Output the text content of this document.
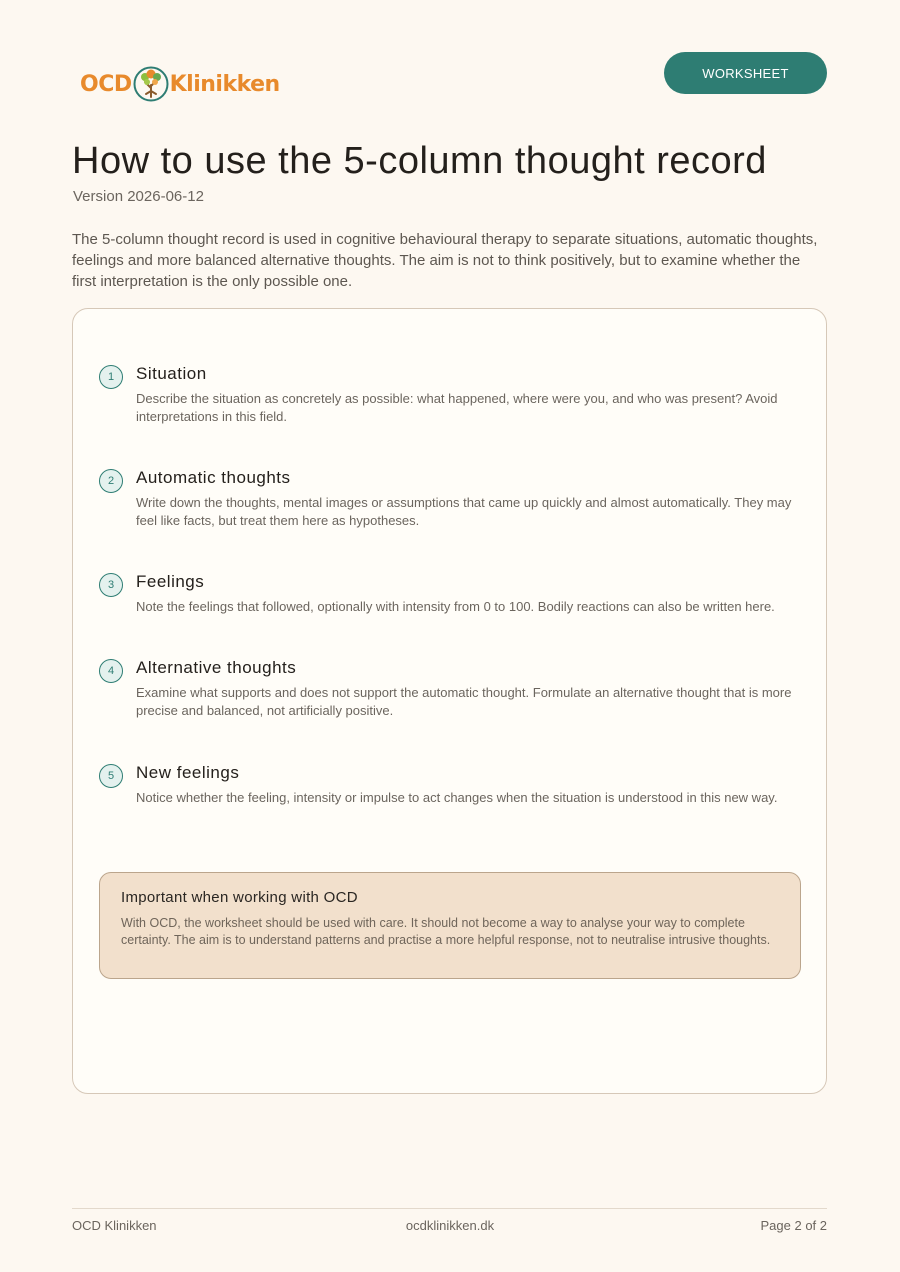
OCD Klinikken	WORKSHEET
How to use the 5-column thought record
Version 2026-06-12

The 5-column thought record is used in cognitive behavioural therapy to separate situations, automatic thoughts, feelings and more balanced alternative thoughts. The aim is not to think positively, but to examine whether the first interpretation is the only possible one.

1	Situation
Describe the situation as concretely as possible: what happened, where were you, and who was present? Avoid interpretations in this field.
2	Automatic thoughts
Write down the thoughts, mental images or assumptions that came up quickly and almost automatically. They may feel like facts, but treat them here as hypotheses.
3	Feelings
Note the feelings that followed, optionally with intensity from 0 to 100. Bodily reactions can also be written here.
4	Alternative thoughts
Examine what supports and does not support the automatic thought. Formulate an alternative thought that is more precise and balanced, not artificially positive.
5	New feelings
Notice whether the feeling, intensity or impulse to act changes when the situation is understood in this new way.
Important when working with OCD
With OCD, the worksheet should be used with care. It should not become a way to analyse your way to complete certainty. The aim is to understand patterns and practise a more helpful response, not to neutralise intrusive thoughts.
OCD Klinikken	ocdklinikken.dk	Page 2 of 2
